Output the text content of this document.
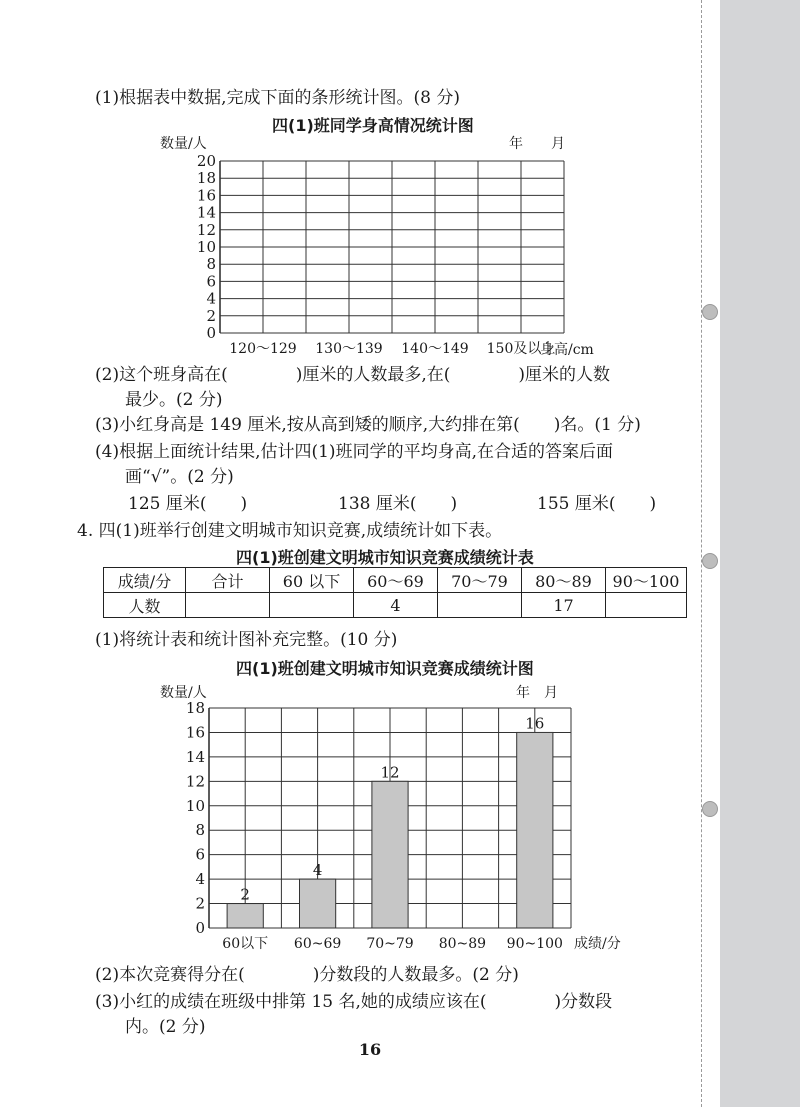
(1)根据表中数据,完成下面的条形统计图。(8 分)
四(1)班同学身高情况统计图
数量/人	年　　月
0
2
4
6
8
10
12
14
16
18
20
120～129 130～139 140～149 150及以上
身高/cm
(2)这个班身高在(　　　　)厘米的人数最多,在(　　　　)厘米的人数
最少。(2 分)
(3)小红身高是 149 厘米,按从高到矮的顺序,大约排在第(　　)名。(1 分)
(4)根据上面统计结果,估计四(1)班同学的平均身高,在合适的答案后面
画“√”。(2 分)
125 厘米(　　)	138 厘米(　　)	155 厘米(　　)
4. 四(1)班举行创建文明城市知识竞赛,成绩统计如下表。
四(1)班创建文明城市知识竞赛成绩统计表
成绩/分	合计	60 以下	60～69	70～79	80～89	90～100
人数			4		17	
(1)将统计表和统计图补充完整。(10 分)
四(1)班创建文明城市知识竞赛成绩统计图
数量/人	年　月
0
2
4
6
8
10
12
14
16
18
2
60以下
4
60~69
12
70~79 80~89
16
90~100 成绩/分
(2)本次竞赛得分在(　　　　)分数段的人数最多。(2 分)
(3)小红的成绩在班级中排第 15 名,她的成绩应该在(　　　　)分数段
内。(2 分)
16
